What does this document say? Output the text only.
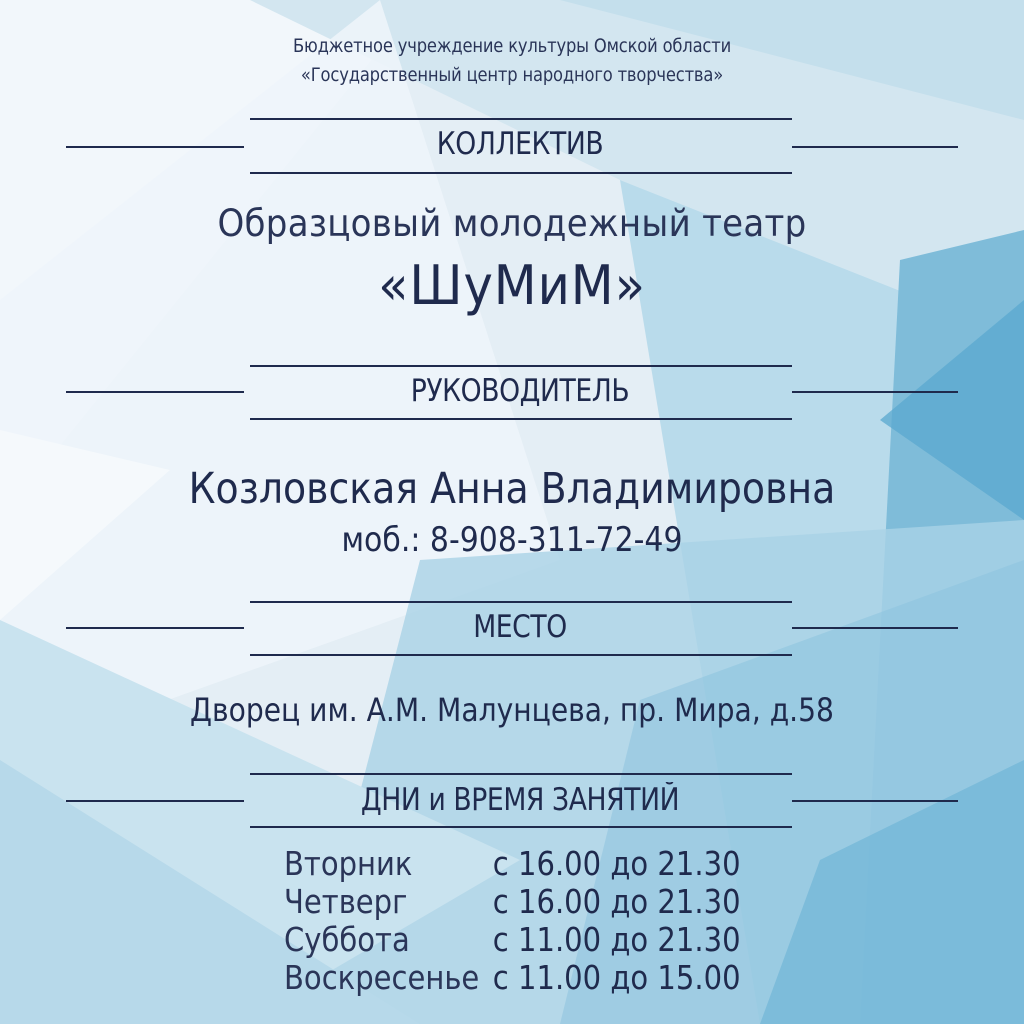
Бюджетное учреждение культуры Омской области
«Государственный центр народного творчества»
КОЛЛЕКТИВ
Образцовый молодежный театр
«ШуМиМ»
РУКОВОДИТЕЛЬ
Козловская Анна Владимировна
моб.: 8-908-311-72-49
МЕСТО
Дворец им. А.М. Малунцева, пр. Мира, д.58
ДНИ и ВРЕМЯ ЗАНЯТИЙ
Вторник с 16.00 до 21.30
Четверг	с 16.00 до 21.30
Суббота	с 11.00 до 21.30
Воскресенье с 11.00 до 15.00
